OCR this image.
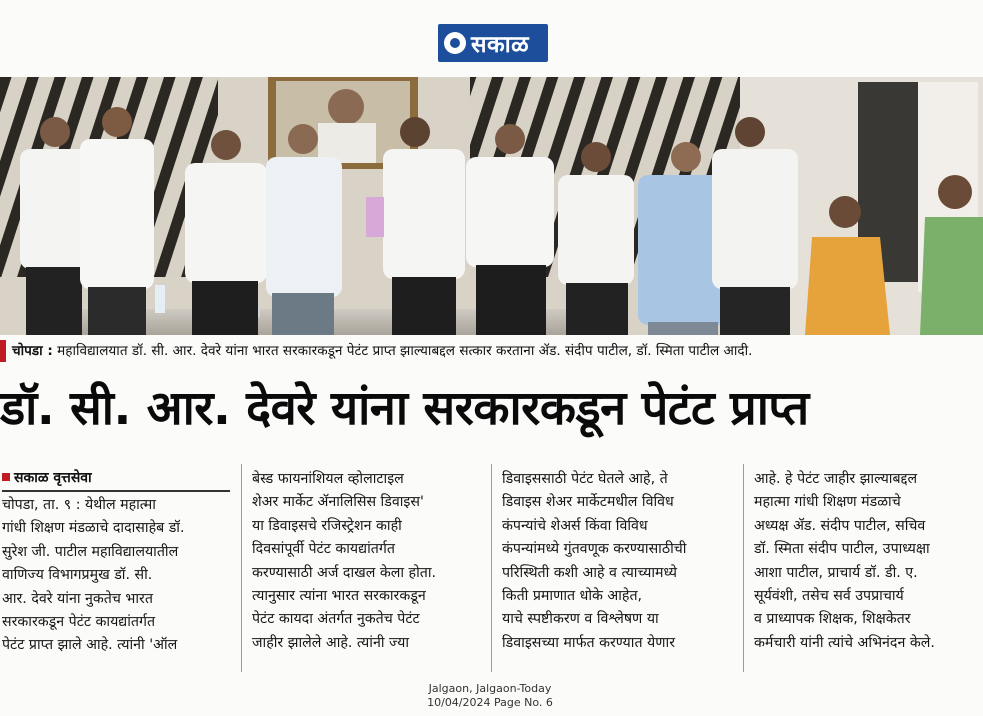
सकाळ
चोपडा : महाविद्यालयात डॉ. सी. आर. देवरे यांना भारत सरकारकडून पेटंट प्राप्त झाल्याबद्दल सत्कार करताना ॲड. संदीप पाटील, डॉ. स्मिता पाटील आदी.
डॉ. सी. आर. देवरे यांना सरकारकडून पेटंट प्राप्त
सकाळ वृत्तसेवा
चोपडा, ता. ९ : येथील महात्मा
गांधी शिक्षण मंडळाचे दादासाहेब डॉ.
सुरेश जी. पाटील महाविद्यालयातील
वाणिज्य विभागप्रमुख डॉ. सी.
आर. देवरे यांना नुकतेच भारत
सरकारकडून पेटंट कायद्यांतर्गत
पेटंट प्राप्त झाले आहे. त्यांनी 'ऑल
बेस्ड फायनांशियल व्होलाटाइल
शेअर मार्केट ॲनालिसिस डिवाइस'
या डिवाइसचे रजिस्ट्रेशन काही
दिवसांपूर्वी पेटंट कायद्यांतर्गत
करण्यासाठी अर्ज दाखल केला होता.
त्यानुसार त्यांना भारत सरकारकडून
पेटंट कायदा अंतर्गत नुकतेच पेटंट
जाहीर झालेले आहे. त्यांनी ज्या
डिवाइससाठी पेटंट घेतले आहे, ते
डिवाइस शेअर मार्केटमधील विविध
कंपन्यांचे शेअर्स किंवा विविध
कंपन्यांमध्ये गुंतवणूक करण्यासाठीची
परिस्थिती कशी आहे व त्याच्यामध्ये
किती प्रमाणात धोके आहेत,
याचे स्पष्टीकरण व विश्लेषण या
डिवाइसच्या मार्फत करण्यात येणार
आहे. हे पेटंट जाहीर झाल्याबद्दल
महात्मा गांधी शिक्षण मंडळाचे
अध्यक्ष ॲड. संदीप पाटील, सचिव
डॉ. स्मिता संदीप पाटील, उपाध्यक्षा
आशा पाटील, प्राचार्य डॉ. डी. ए.
सूर्यवंशी, तसेच सर्व उपप्राचार्य
व प्राध्यापक शिक्षक, शिक्षकेतर
कर्मचारी यांनी त्यांचे अभिनंदन केले.
Jalgaon, Jalgaon-Today
10/04/2024 Page No. 6
